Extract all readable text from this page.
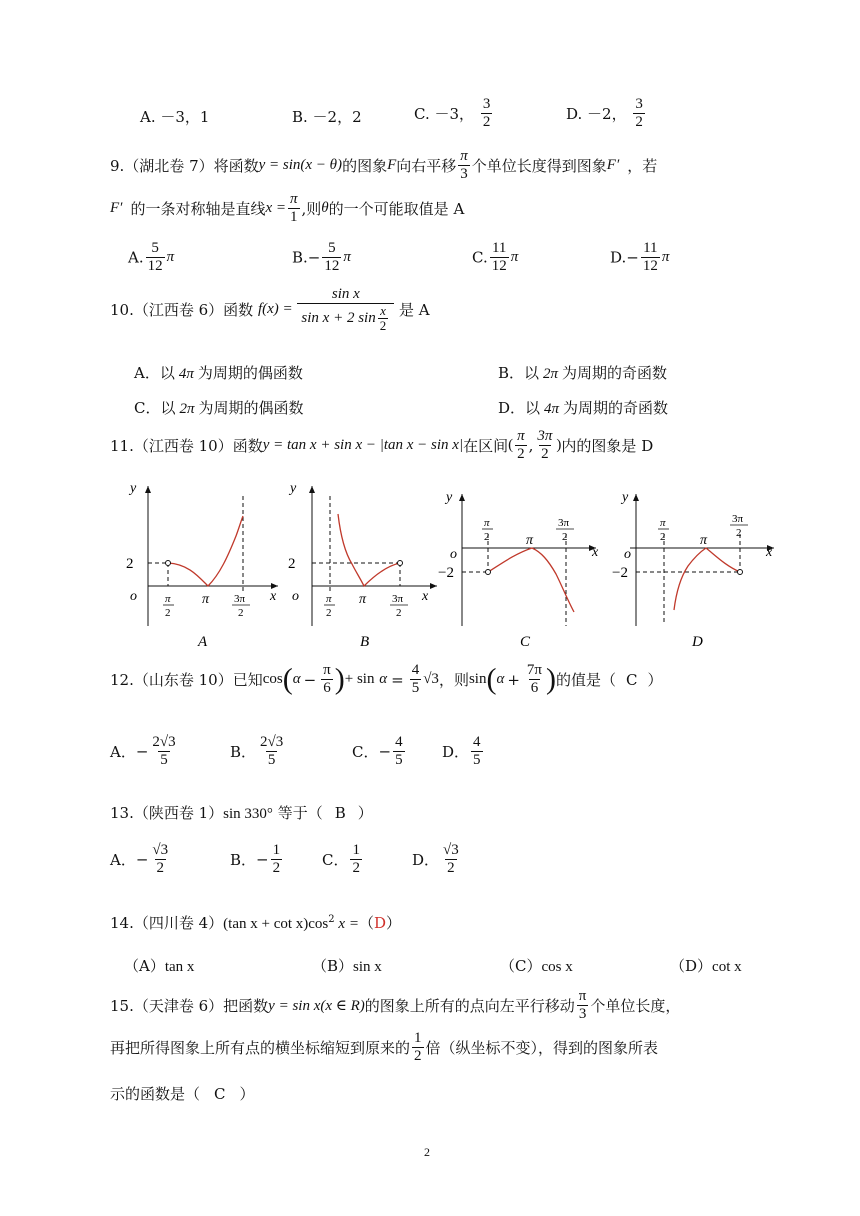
A. －3，1	B. －2，2	C. －3， $\frac{3}{2}$	D. －2， $\frac{3}{2}$
9.（湖北卷 7）将函数y = sin(x − θ)的图象F向右平移 $\frac{\pi}{3}$ 个单位长度得到图象F′ ，若
F′ 的一条对称轴是直线$x = \frac{\pi}{1}$ ,则θ的一个可能取值是 A
A. $\frac{5}{12}$ π	$B.- \frac{5}{12}$ π	C. $\frac{11}{12}$ π	$D.- \frac{11}{12}$ π
10.（江西卷 6）函数 $f(x) = \frac{\text{sin x}}{\sin x + 2 \sin \frac{x}{2}}$ 是 A
A．以 4π 为周期的偶函数	B．以 2π 为周期的奇函数
C．以 2π 为周期的偶函数	D．以 4π 为周期的奇函数
11.（江西卷 10）函数y = tan x + sin x − |tan x − sin x|在区间( $\frac{\pi}{2}$ , $\frac{3\pi}{2}$ )内的图象是 D
y
x
o
2
π
2
π 3π
2
A
y
x
o
2
π
2
π 3π
2
B
y
x
o
−2
π
2	π
3π
2
C
y
x
o
−2
π
2 π
3π
2
D
12.（山东卷 10）已知$\cos(\alpha - \frac{\pi}{6}$ )+ $\sin \alpha = \frac{4}{5} √3$，则$\sin(\alpha + \frac{7\pi}{6}$ )的值是（ C ）
A．− $\frac{2√3}{5}$	B． $\frac{2√3}{5}$	C．− $\frac{4}{5}$ D． $\frac{4}{5}$
13.（陕西卷 1）sin 330° 等于（ B ）
A．− $\frac{√3}{2}$	B．− $\frac{1}{2}$	C． $\frac{1}{2}$	D． $\frac{√3}{2}$
14.（四川卷 4）(tan $x + \cot x)\cos^2$ x =（D）
（A）tan x	（B）sin x	（C）cos x	（D）cot x
15.（天津卷 6）把函数y = sin x(x ∈ R)的图象上所有的点向左平行移动 $\frac{\pi}{3}$ 个单位长度，
再把所得图象上所有点的横坐标缩短到原来的 $\frac{1}{2}$ 倍（纵坐标不变），得到的图象所表
示的函数是（ C ）
2
